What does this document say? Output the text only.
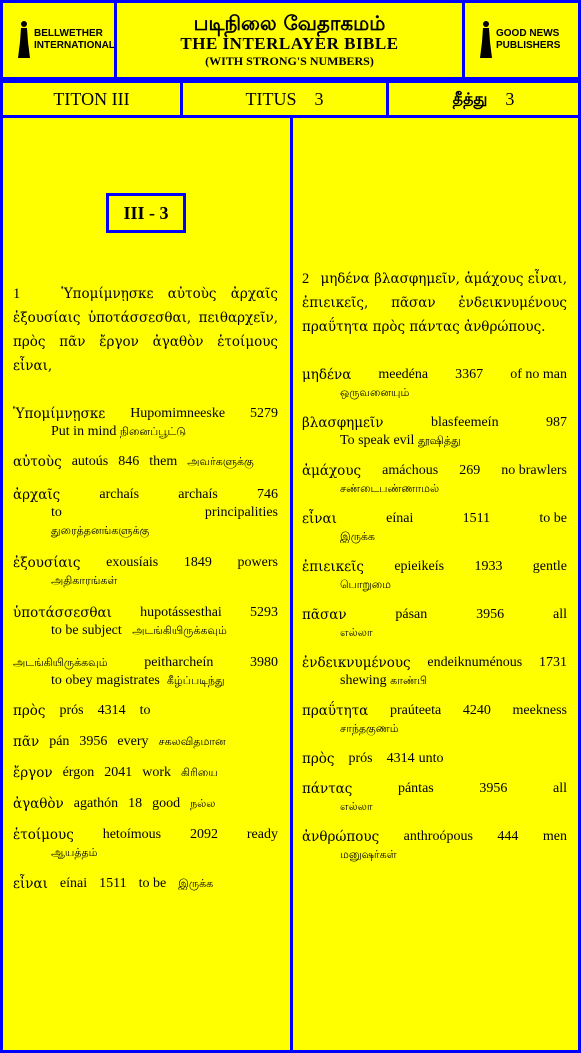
BELLWETHER INTERNATIONAL
படிநிலை வேதாகமம்
THE INTERLAYER BIBLE
(WITH STRONG'S NUMBERS)
GOOD NEWS PUBLISHERS
TITON III	TITUS 3	தீத்து 3
III - 3

1	Ὑπομίμνῃσκε αὐτοὺς ἀρχαῖς ἐξουσίαις ὑποτάσσεσθαι, πειθαρχεῖν, πρὸς πᾶν ἔργον ἀγαθὸν ἑτοίμους εἶναι,

Ὑπομίμνῃσκε Hupomimneeske 5279
Put in mind நினைப்பூட்டு
αὐτοὺς autoús 846 them அவர்களுக்கு
ἀρχαῖς	archaís	archaís	746
to principalities
துரைத்தனங்களுக்கு
ἐξουσίαις exousíais 1849 powers
அதிகாரங்கள்
ὑποτάσσεσθαι hupotássesthai 5293
to be subject அடங்கியிருக்கவும்
அடங்கியிருக்கவும்	peitharcheín	3980
to obey magistrates கீழ்ப்படிந்து
πρὸς prós 4314 to
πᾶν pán 3956 every சகலவிதமான
ἔργον érgon 2041 work கிரியை
ἀγαθὸν agathón 18 good நல்ல
ἑτοίμους hetoímous 2092 ready
ஆயத்தம்
εἶναι eínai 1511 to be இருக்க

2 μηδένα βλασφημεῖν, ἀμάχους εἶναι, ἐπιεικεῖς, πᾶσαν ἐνδεικνυμένους πραΰτητα πρὸς πάντας ἀνθρώπους.

μηδένα meedéna 3367 of no man
ஒருவனையும்
βλασφημεῖν	blasfeemeín	987
To speak evil தூஷித்து
ἀμάχους amáchous 269 no brawlers
சண்டைபண்ணாமல்
εἶναι	eínai	1511	to be
இருக்க
ἐπιεικεῖς epieikeís 1933 gentle
பொறுமை
πᾶσαν	pásan	3956	all
எல்லா
ἐνδεικνυμένους endeiknuménous 1731
shewing காண்பி
πραΰτητα praúteeta 4240 meekness
சாந்தகுணம்
πρὸς prós 4314 unto
πάντας	pántas	3956	all
எல்லா
ἀνθρώπους anthroópous 444 men
மனுஷர்கள்
